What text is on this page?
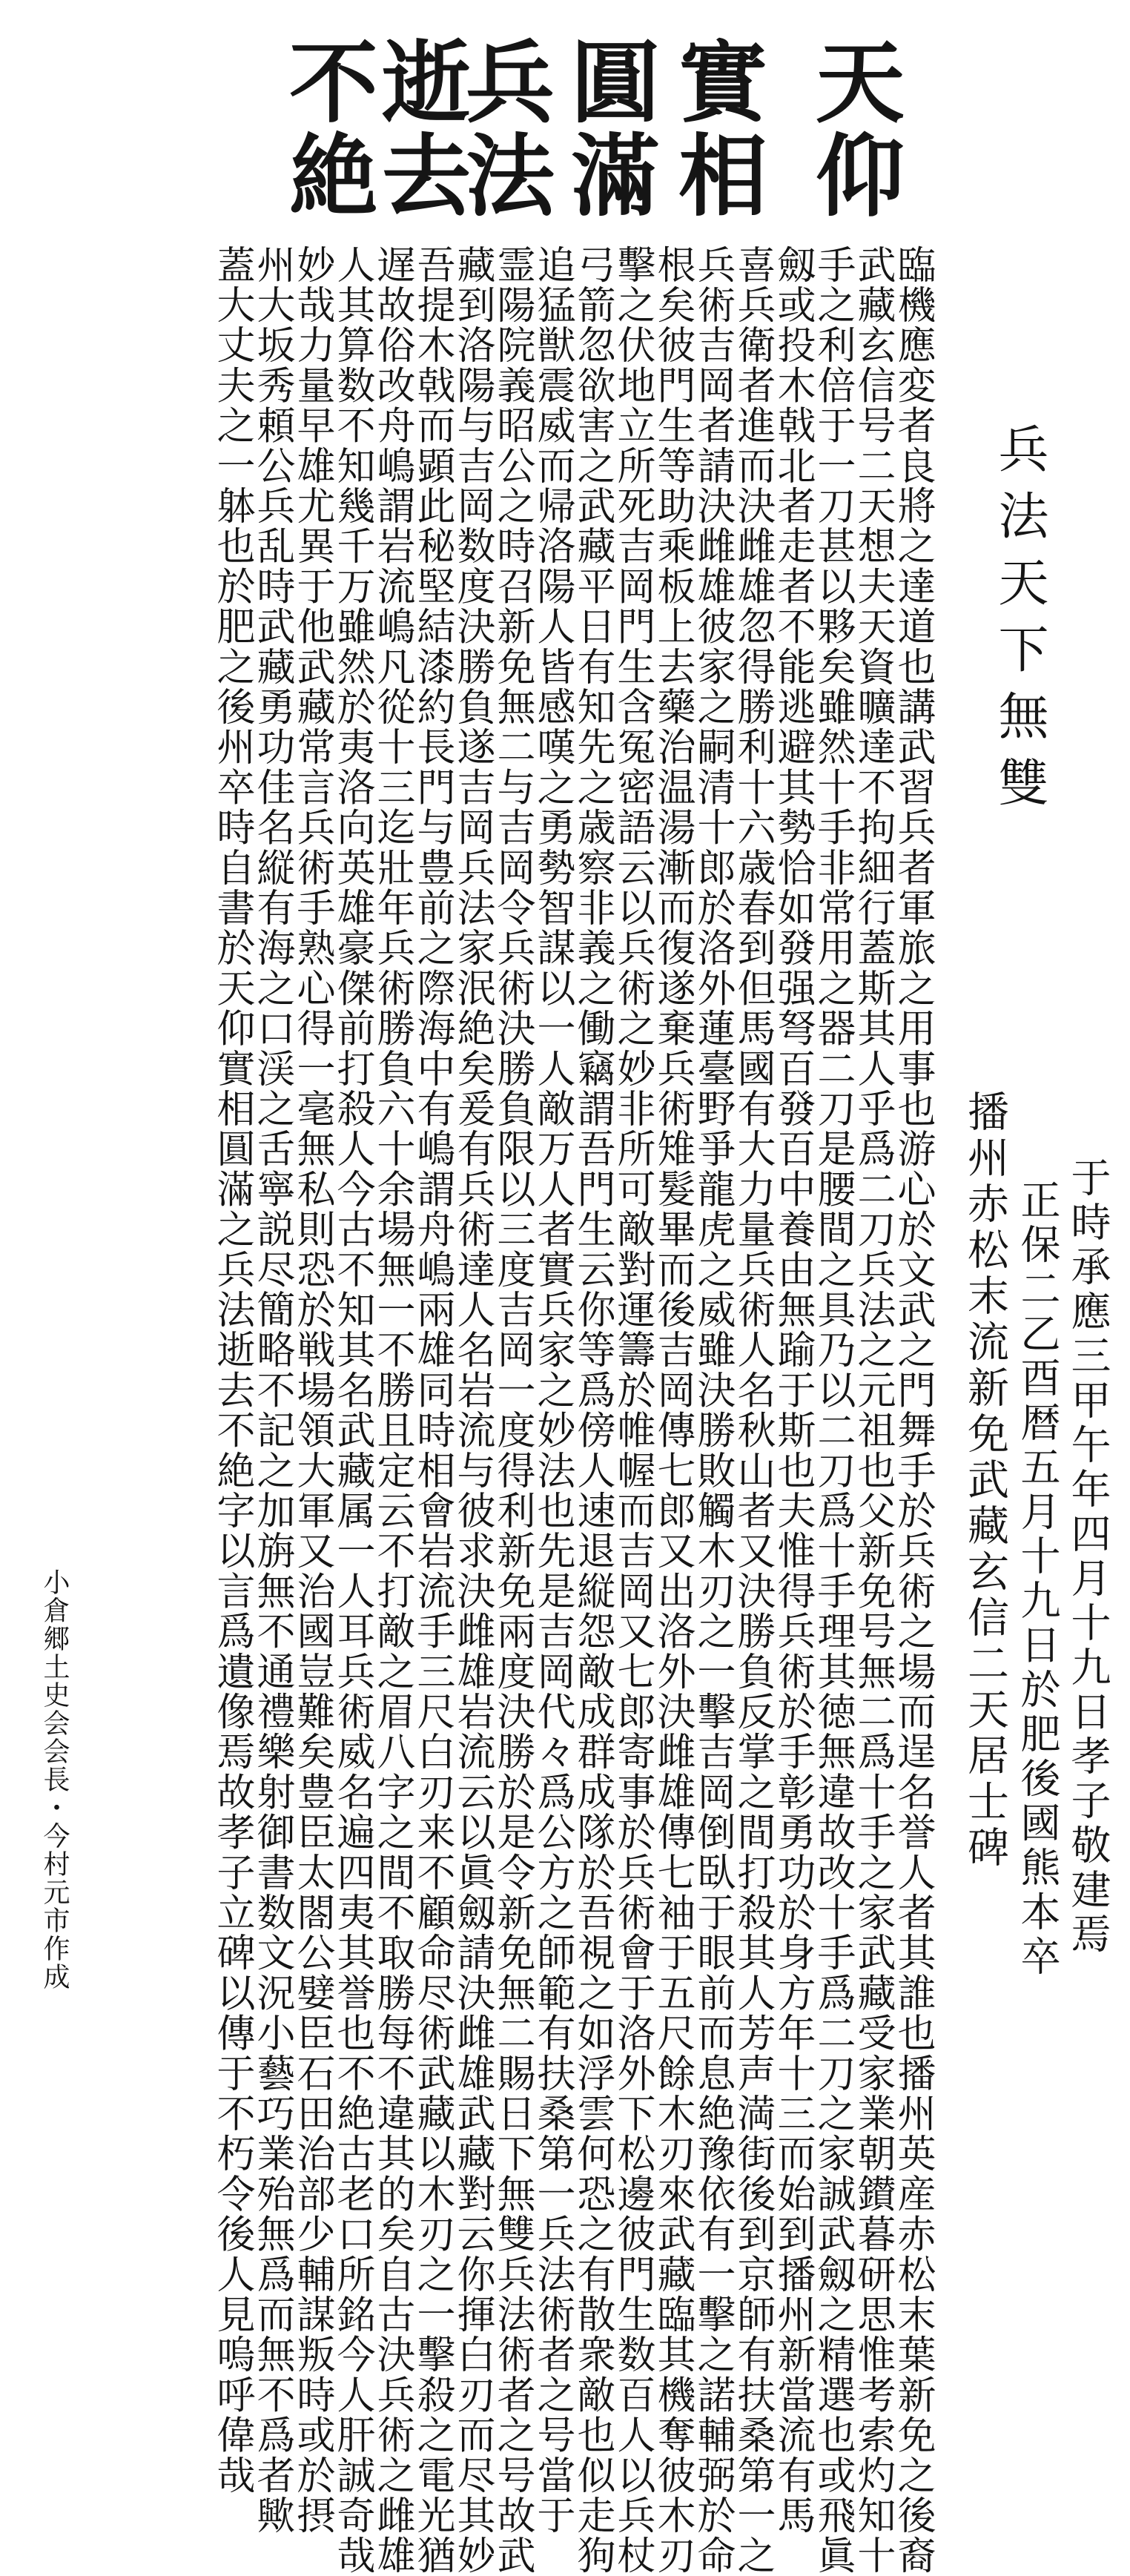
天仰
實相
圓滿
兵法
逝去
不絶
臨機應変者良將之達道也講武習兵者軍旅之用事也游心於文武之門舞手於兵術之場而逞名誉人者其誰也播州英産赤松末葉新免之後裔
武藏玄信号二天想夫天資曠達不拘細行蓋斯其人乎爲二刀兵法之元祖也父新免号無二爲十手之家武藏受家業朝鑚暮研思惟考索灼知十
手之利倍于一刀甚以夥矣雖然十手非常用之器二刀是腰間之具乃以二刀爲十手理其徳無違故改十手爲二刀之家誠武劔之精選也或飛眞
劔或投木戟北者走者不能逃避其勢恰如發强弩百發百中養由無踰于斯也夫惟得兵術於手彰勇功於身方年十三而始到播州新當流有馬
喜兵衛者進而決雌雄忽得勝利十六歳春到但馬國有大力量兵術人名秋山者又決勝負反掌之間打殺其人芳声満街後到京師有扶桑第一之
兵術吉岡者請決雌雄彼家之嗣清十郎於洛外蓮臺野爭龍虎之威雖決勝敗觸木刃之一擊吉岡倒臥于眼前而息絶豫依有一擊之諾輔弼於命
根矣彼門生等助乘板上去藥治温湯漸而復遂棄兵術雉髮畢而後吉岡傳七郎又出洛外決雌雄傳七袖于五尺餘木刃來武藏臨其機奪彼木刃
擊之伏地立所死吉岡門生含冤密語云以兵術之妙非所可敵對運籌於帷幄而吉岡又七郎寄事於兵術會于洛外下松邊彼門生数百人以兵杖
弓箭忽欲害之武藏平日有知先之歳察非義之働竊謂吾門生云你等爲傍人速退縦怨敵成群成隊於吾視之如浮雲何恐之有散衆敵也似走狗
追猛獣震威而帰洛陽人皆感嘆之勇勢智謀以一人敵万人者實兵家之妙法也先是吉岡代々爲公方之師範有扶桑第一兵法術者之号當于
霊陽院義昭公之時召新免無二与吉岡令兵術決勝負限以三度吉岡一度得利新免兩度決勝於是令新免無二賜日下無雙兵法術者之号故武
藏到洛陽与吉岡数度決勝負遂吉岡兵法家泯絶矣爰有兵術達人名岩流与彼求決雌雄岩流云以眞劔請決雌雄武藏對云你揮白刃而尽其妙
吾提木戟而顕此秘堅結漆約長門与豊前之際海中有嶋謂舟嶋兩雄同時相會岩流手三尺白刃来不顧命尽術武藏以木刃之一擊殺之電光猶
遅故俗改舟嶋謂岩流嶋凡從十三迄壯年兵術勝負六十余場無一不勝且定云不打敵之眉八字之間不取勝每不違其的矣自古決兵術之雌雄
人其算数不知幾千万雖然於夷洛向英雄豪傑前打殺人今古不知其名武藏属一人耳兵術威名遍四夷其誉也不絶古老口所銘今人肝誠奇哉
妙哉力量早雄尤異于他武藏常言兵術手熟心得一毫無私則恐於戦場領大軍又治國豈難矣豊臣太閤公嬖臣石田治部少輔謀叛時或於摂
州大坂秀頼公兵乱時武藏勇功佳名縦有海之口渓之舌寧説尽簡略不記之加旃無不通禮樂射御書数文況小藝巧業殆無爲而無不爲者歟
蓋大丈夫之一躰也於肥之後州卒時自書於天仰實相圓滿之兵法逝去不絶字以言爲遺像焉故孝子立碑以傳于不朽令後人見嗚呼偉哉	兵法天下無雙
播州赤松末流新免武藏玄信二天居士碑 正保二乙酉暦五月十九日於肥後國熊本卒 于時承應三甲午年四月十九日孝子敬建焉
小倉郷土史会会長・今村元市作成
